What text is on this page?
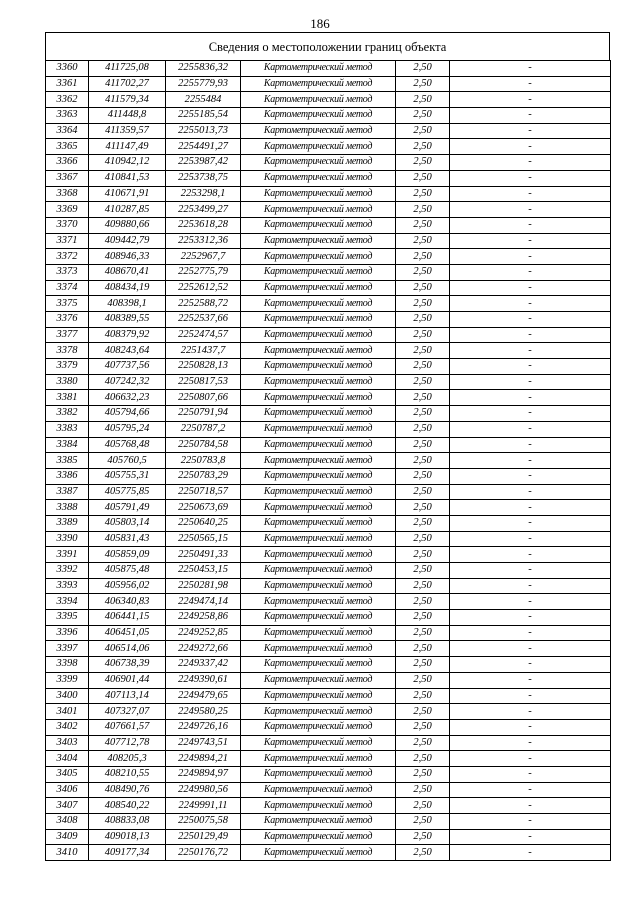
186
Сведения о местоположении границ объекта
3360	411725,08	2255836,32	Картометрический метод	2,50	-
3361	411702,27	2255779,93	Картометрический метод	2,50	-
3362	411579,34	2255484	Картометрический метод	2,50	-
3363	411448,8	2255185,54	Картометрический метод	2,50	-
3364	411359,57	2255013,73	Картометрический метод	2,50	-
3365	411147,49	2254491,27	Картометрический метод	2,50	-
3366	410942,12	2253987,42	Картометрический метод	2,50	-
3367	410841,53	2253738,75	Картометрический метод	2,50	-
3368	410671,91	2253298,1	Картометрический метод	2,50	-
3369	410287,85	2253499,27	Картометрический метод	2,50	-
3370	409880,66	2253618,28	Картометрический метод	2,50	-
3371	409442,79	2253312,36	Картометрический метод	2,50	-
3372	408946,33	2252967,7	Картометрический метод	2,50	-
3373	408670,41	2252775,79	Картометрический метод	2,50	-
3374	408434,19	2252612,52	Картометрический метод	2,50	-
3375	408398,1	2252588,72	Картометрический метод	2,50	-
3376	408389,55	2252537,66	Картометрический метод	2,50	-
3377	408379,92	2252474,57	Картометрический метод	2,50	-
3378	408243,64	2251437,7	Картометрический метод	2,50	-
3379	407737,56	2250828,13	Картометрический метод	2,50	-
3380	407242,32	2250817,53	Картометрический метод	2,50	-
3381	406632,23	2250807,66	Картометрический метод	2,50	-
3382	405794,66	2250791,94	Картометрический метод	2,50	-
3383	405795,24	2250787,2	Картометрический метод	2,50	-
3384	405768,48	2250784,58	Картометрический метод	2,50	-
3385	405760,5	2250783,8	Картометрический метод	2,50	-
3386	405755,31	2250783,29	Картометрический метод	2,50	-
3387	405775,85	2250718,57	Картометрический метод	2,50	-
3388	405791,49	2250673,69	Картометрический метод	2,50	-
3389	405803,14	2250640,25	Картометрический метод	2,50	-
3390	405831,43	2250565,15	Картометрический метод	2,50	-
3391	405859,09	2250491,33	Картометрический метод	2,50	-
3392	405875,48	2250453,15	Картометрический метод	2,50	-
3393	405956,02	2250281,98	Картометрический метод	2,50	-
3394	406340,83	2249474,14	Картометрический метод	2,50	-
3395	406441,15	2249258,86	Картометрический метод	2,50	-
3396	406451,05	2249252,85	Картометрический метод	2,50	-
3397	406514,06	2249272,66	Картометрический метод	2,50	-
3398	406738,39	2249337,42	Картометрический метод	2,50	-
3399	406901,44	2249390,61	Картометрический метод	2,50	-
3400	407113,14	2249479,65	Картометрический метод	2,50	-
3401	407327,07	2249580,25	Картометрический метод	2,50	-
3402	407661,57	2249726,16	Картометрический метод	2,50	-
3403	407712,78	2249743,51	Картометрический метод	2,50	-
3404	408205,3	2249894,21	Картометрический метод	2,50	-
3405	408210,55	2249894,97	Картометрический метод	2,50	-
3406	408490,76	2249980,56	Картометрический метод	2,50	-
3407	408540,22	2249991,11	Картометрический метод	2,50	-
3408	408833,08	2250075,58	Картометрический метод	2,50	-
3409	409018,13	2250129,49	Картометрический метод	2,50	-
3410	409177,34	2250176,72	Картометрический метод	2,50	-
